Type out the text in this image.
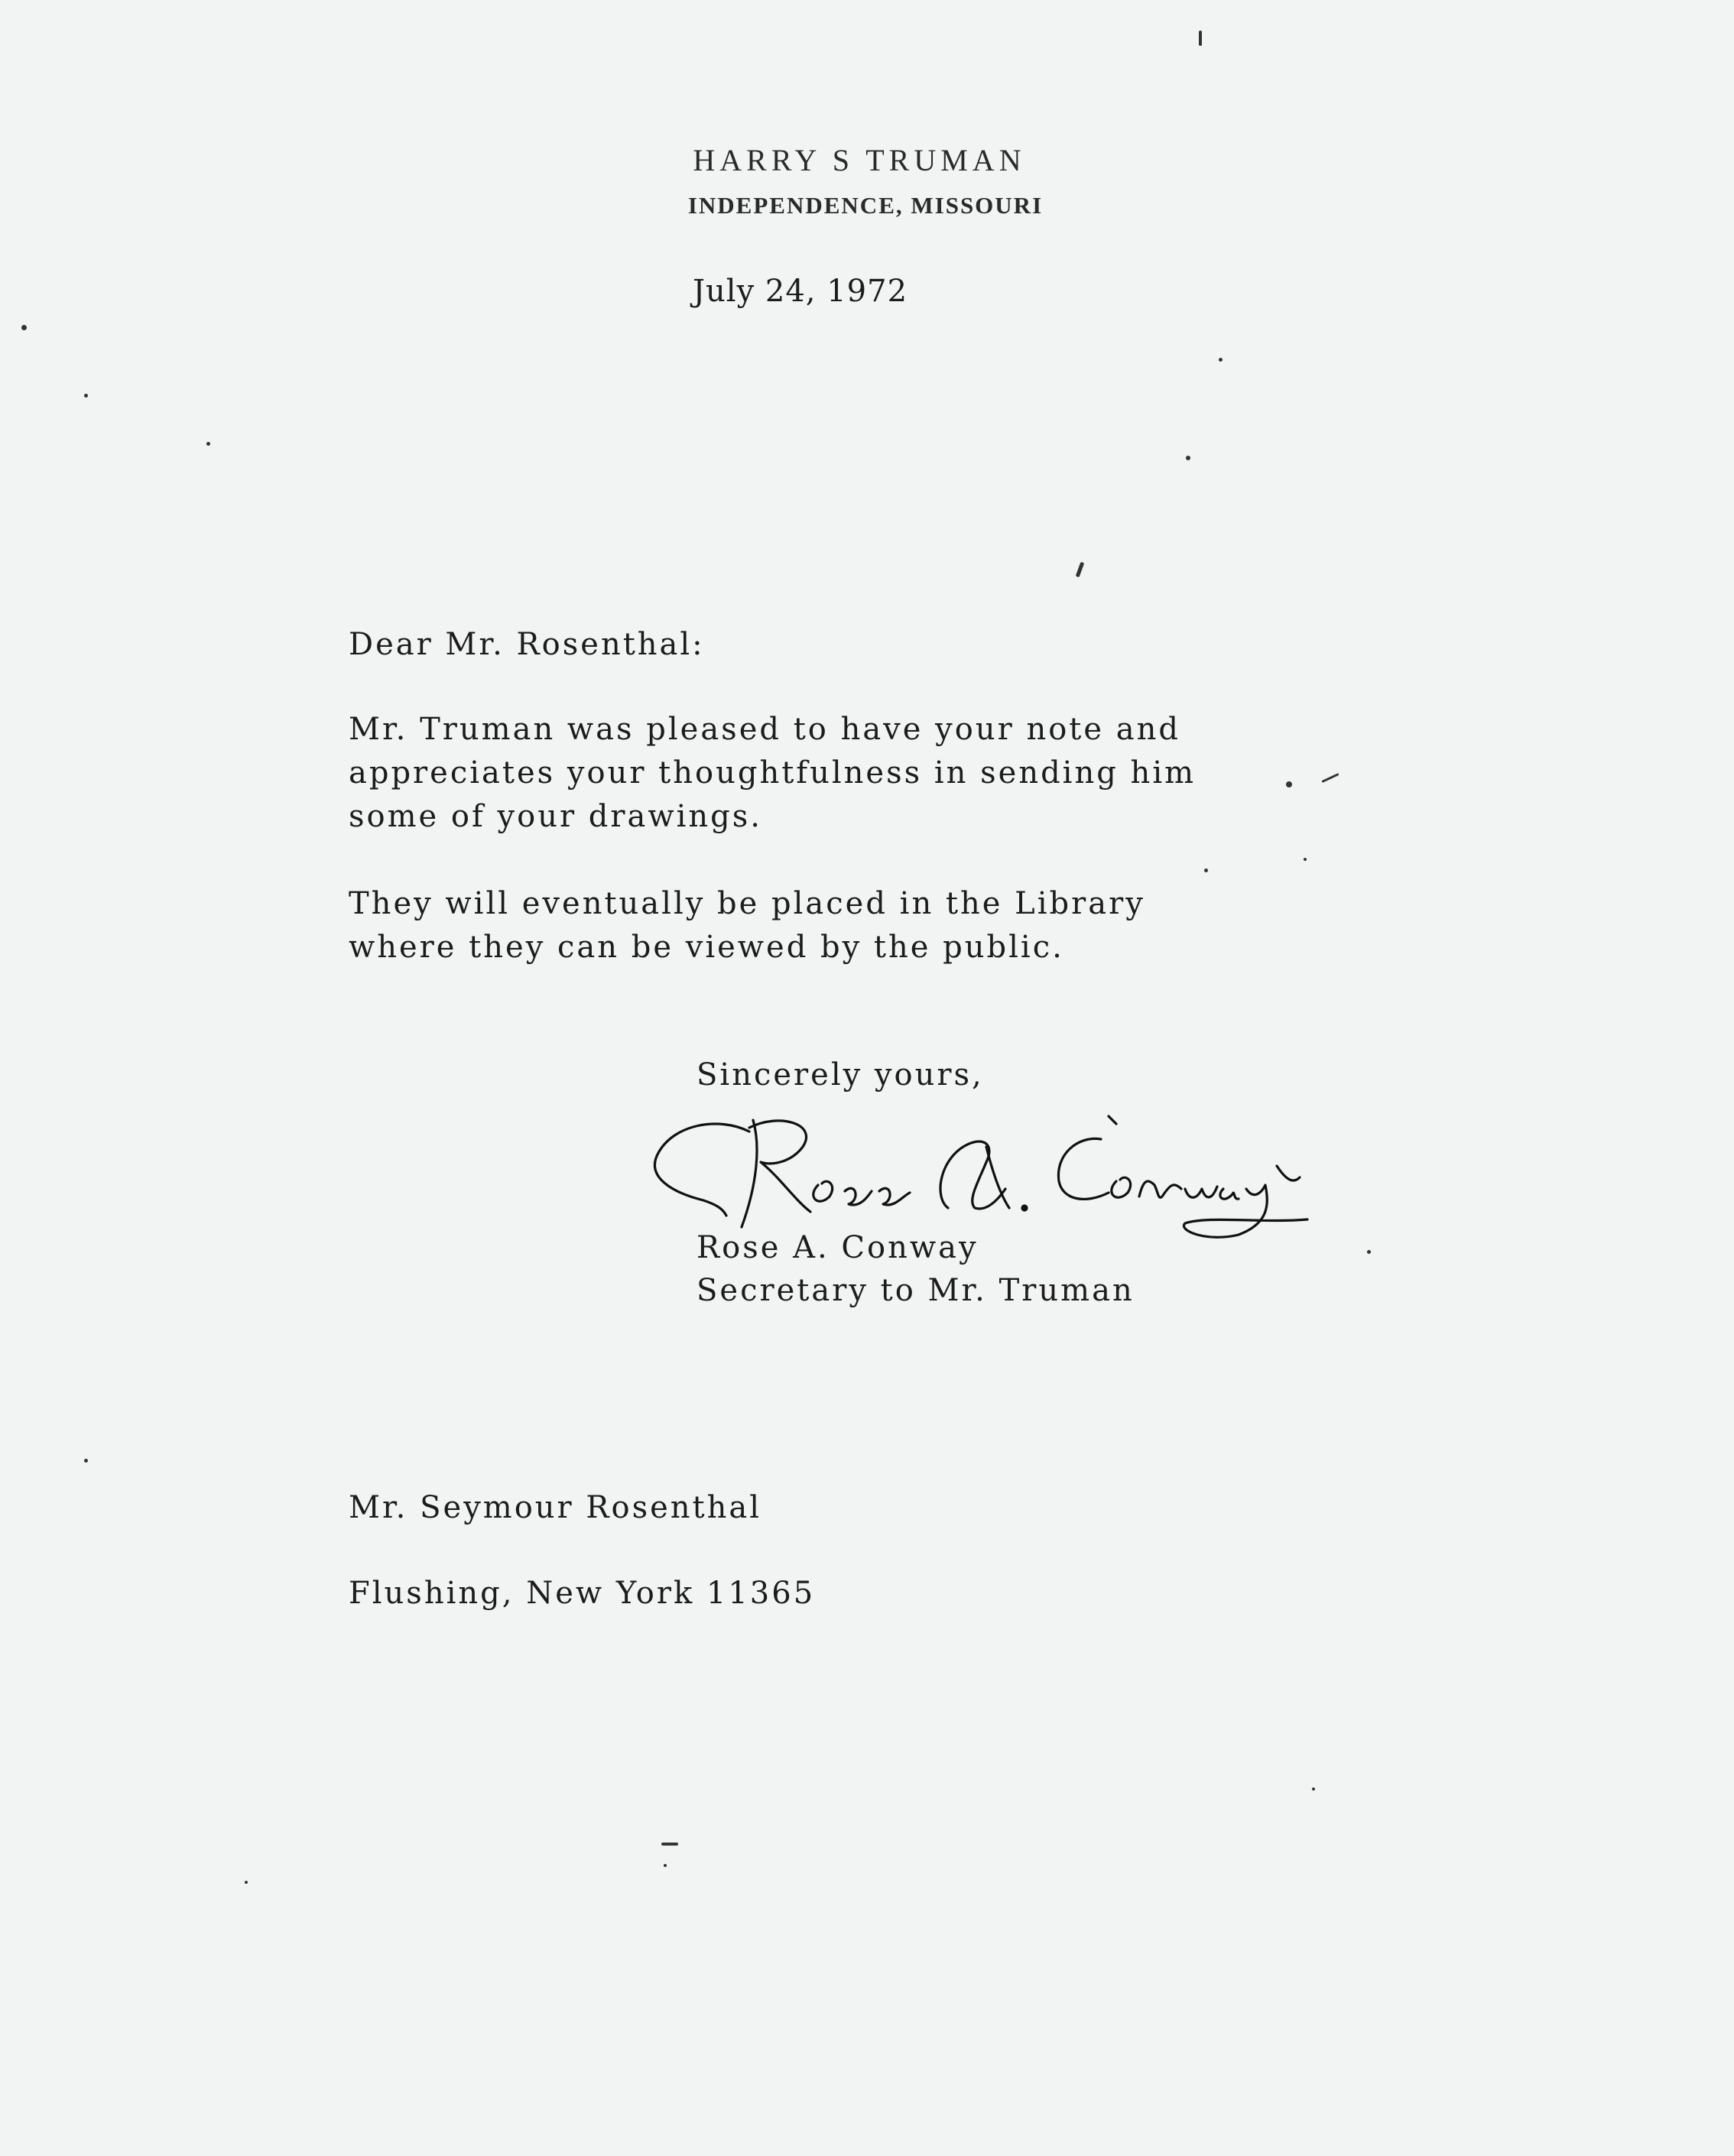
HARRY S TRUMAN
INDEPENDENCE, MISSOURI
July 24, 1972
Dear Mr. Rosenthal:
Mr. Truman was pleased to have your note and
appreciates your thoughtfulness in sending him
some of your drawings.
They will eventually be placed in the Library
where they can be viewed by the public.
Sincerely yours,
Rose A. Conway
Secretary to Mr. Truman
Mr. Seymour Rosenthal
Flushing, New York 11365
